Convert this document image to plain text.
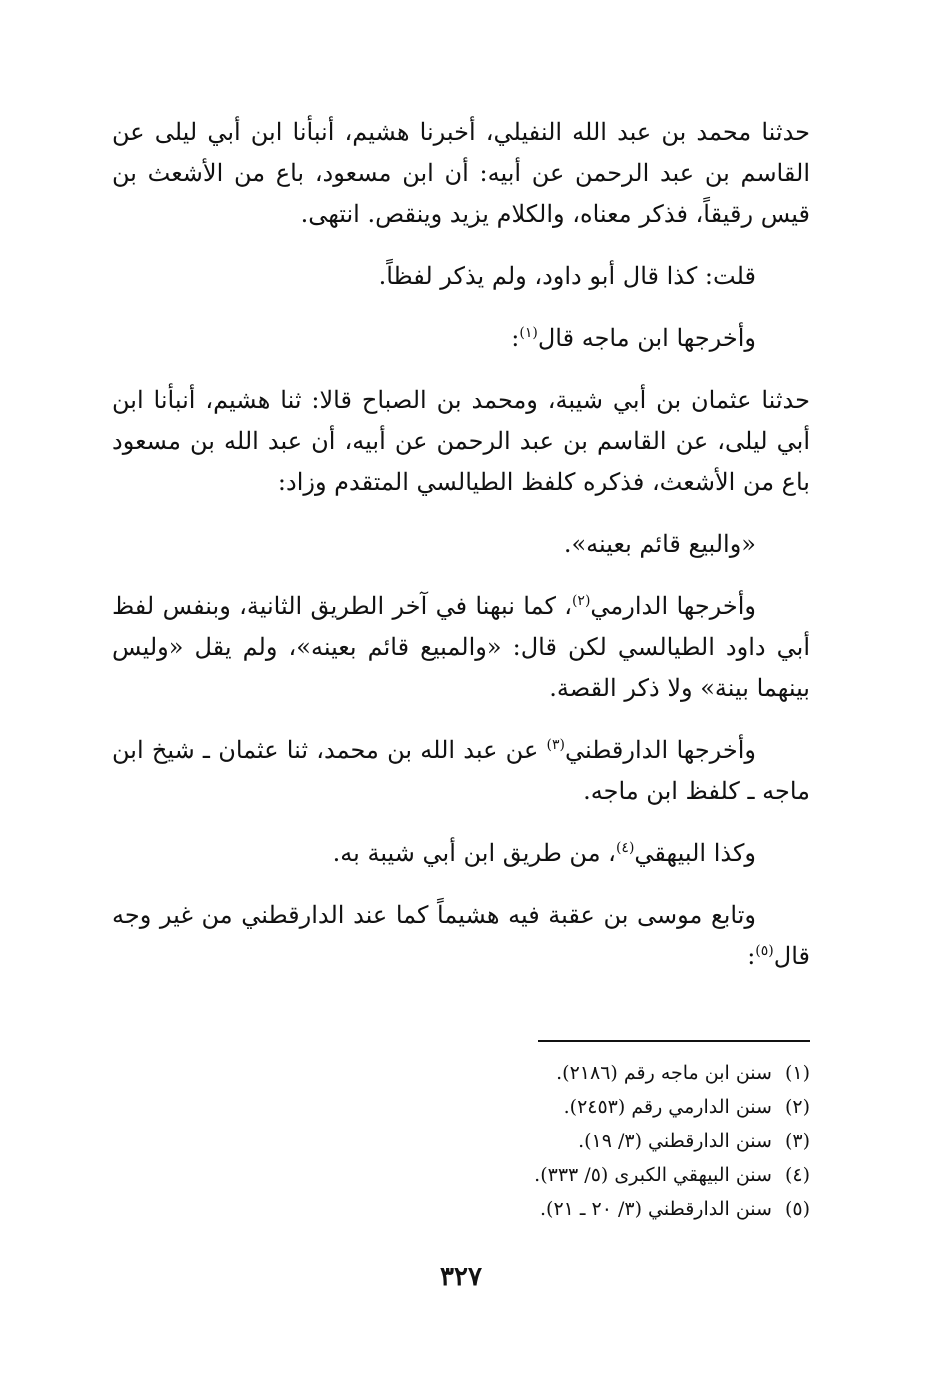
حدثنا محمد بن عبد الله النفيلي، أخبرنا هشيم، أنبأنا ابن أبي ليلى عن القاسم بن عبد الرحمن عن أبيه: أن ابن مسعود، باع من الأشعث بن قيس رقيقاً، فذكر معناه، والكلام يزيد وينقص. انتهى.

قلت: كذا قال أبو داود، ولم يذكر لفظاً.

وأخرجها ابن ماجه قال$^{(١)}$:

حدثنا عثمان بن أبي شيبة، ومحمد بن الصباح قالا: ثنا هشيم، أنبأنا ابن أبي ليلى، عن القاسم بن عبد الرحمن عن أبيه، أن عبد الله بن مسعود باع من الأشعث، فذكره كلفظ الطيالسي المتقدم وزاد:

«والبيع قائم بعينه».

وأخرجها الدارمي$^{(٢)}$، كما نبهنا في آخر الطريق الثانية، وبنفس لفظ أبي داود الطيالسي لكن قال: «والمبيع قائم بعينه»، ولم يقل «وليس بينهما بينة» ولا ذكر القصة.

وأخرجها الدارقطني$^{(٣)}$ عن عبد الله بن محمد، ثنا عثمان ـ شيخ ابن ماجه ـ كلفظ ابن ماجه.

وكذا البيهقي$^{(٤)}$، من طريق ابن أبي شيبة به.

وتابع موسى بن عقبة فيه هشيماً كما عند الدارقطني من غير وجه قال$^{(٥)}$:

(١) سنن ابن ماجه رقم (٢١٨٦).
(٢) سنن الدارمي رقم (٢٤٥٣).
(٣) سنن الدارقطني (٣/ ١٩).
(٤) سنن البيهقي الكبرى (٥/ ٣٣٣).
(٥) سنن الدارقطني (٣/ ٢٠ ـ ٢١).
٣٢٧
